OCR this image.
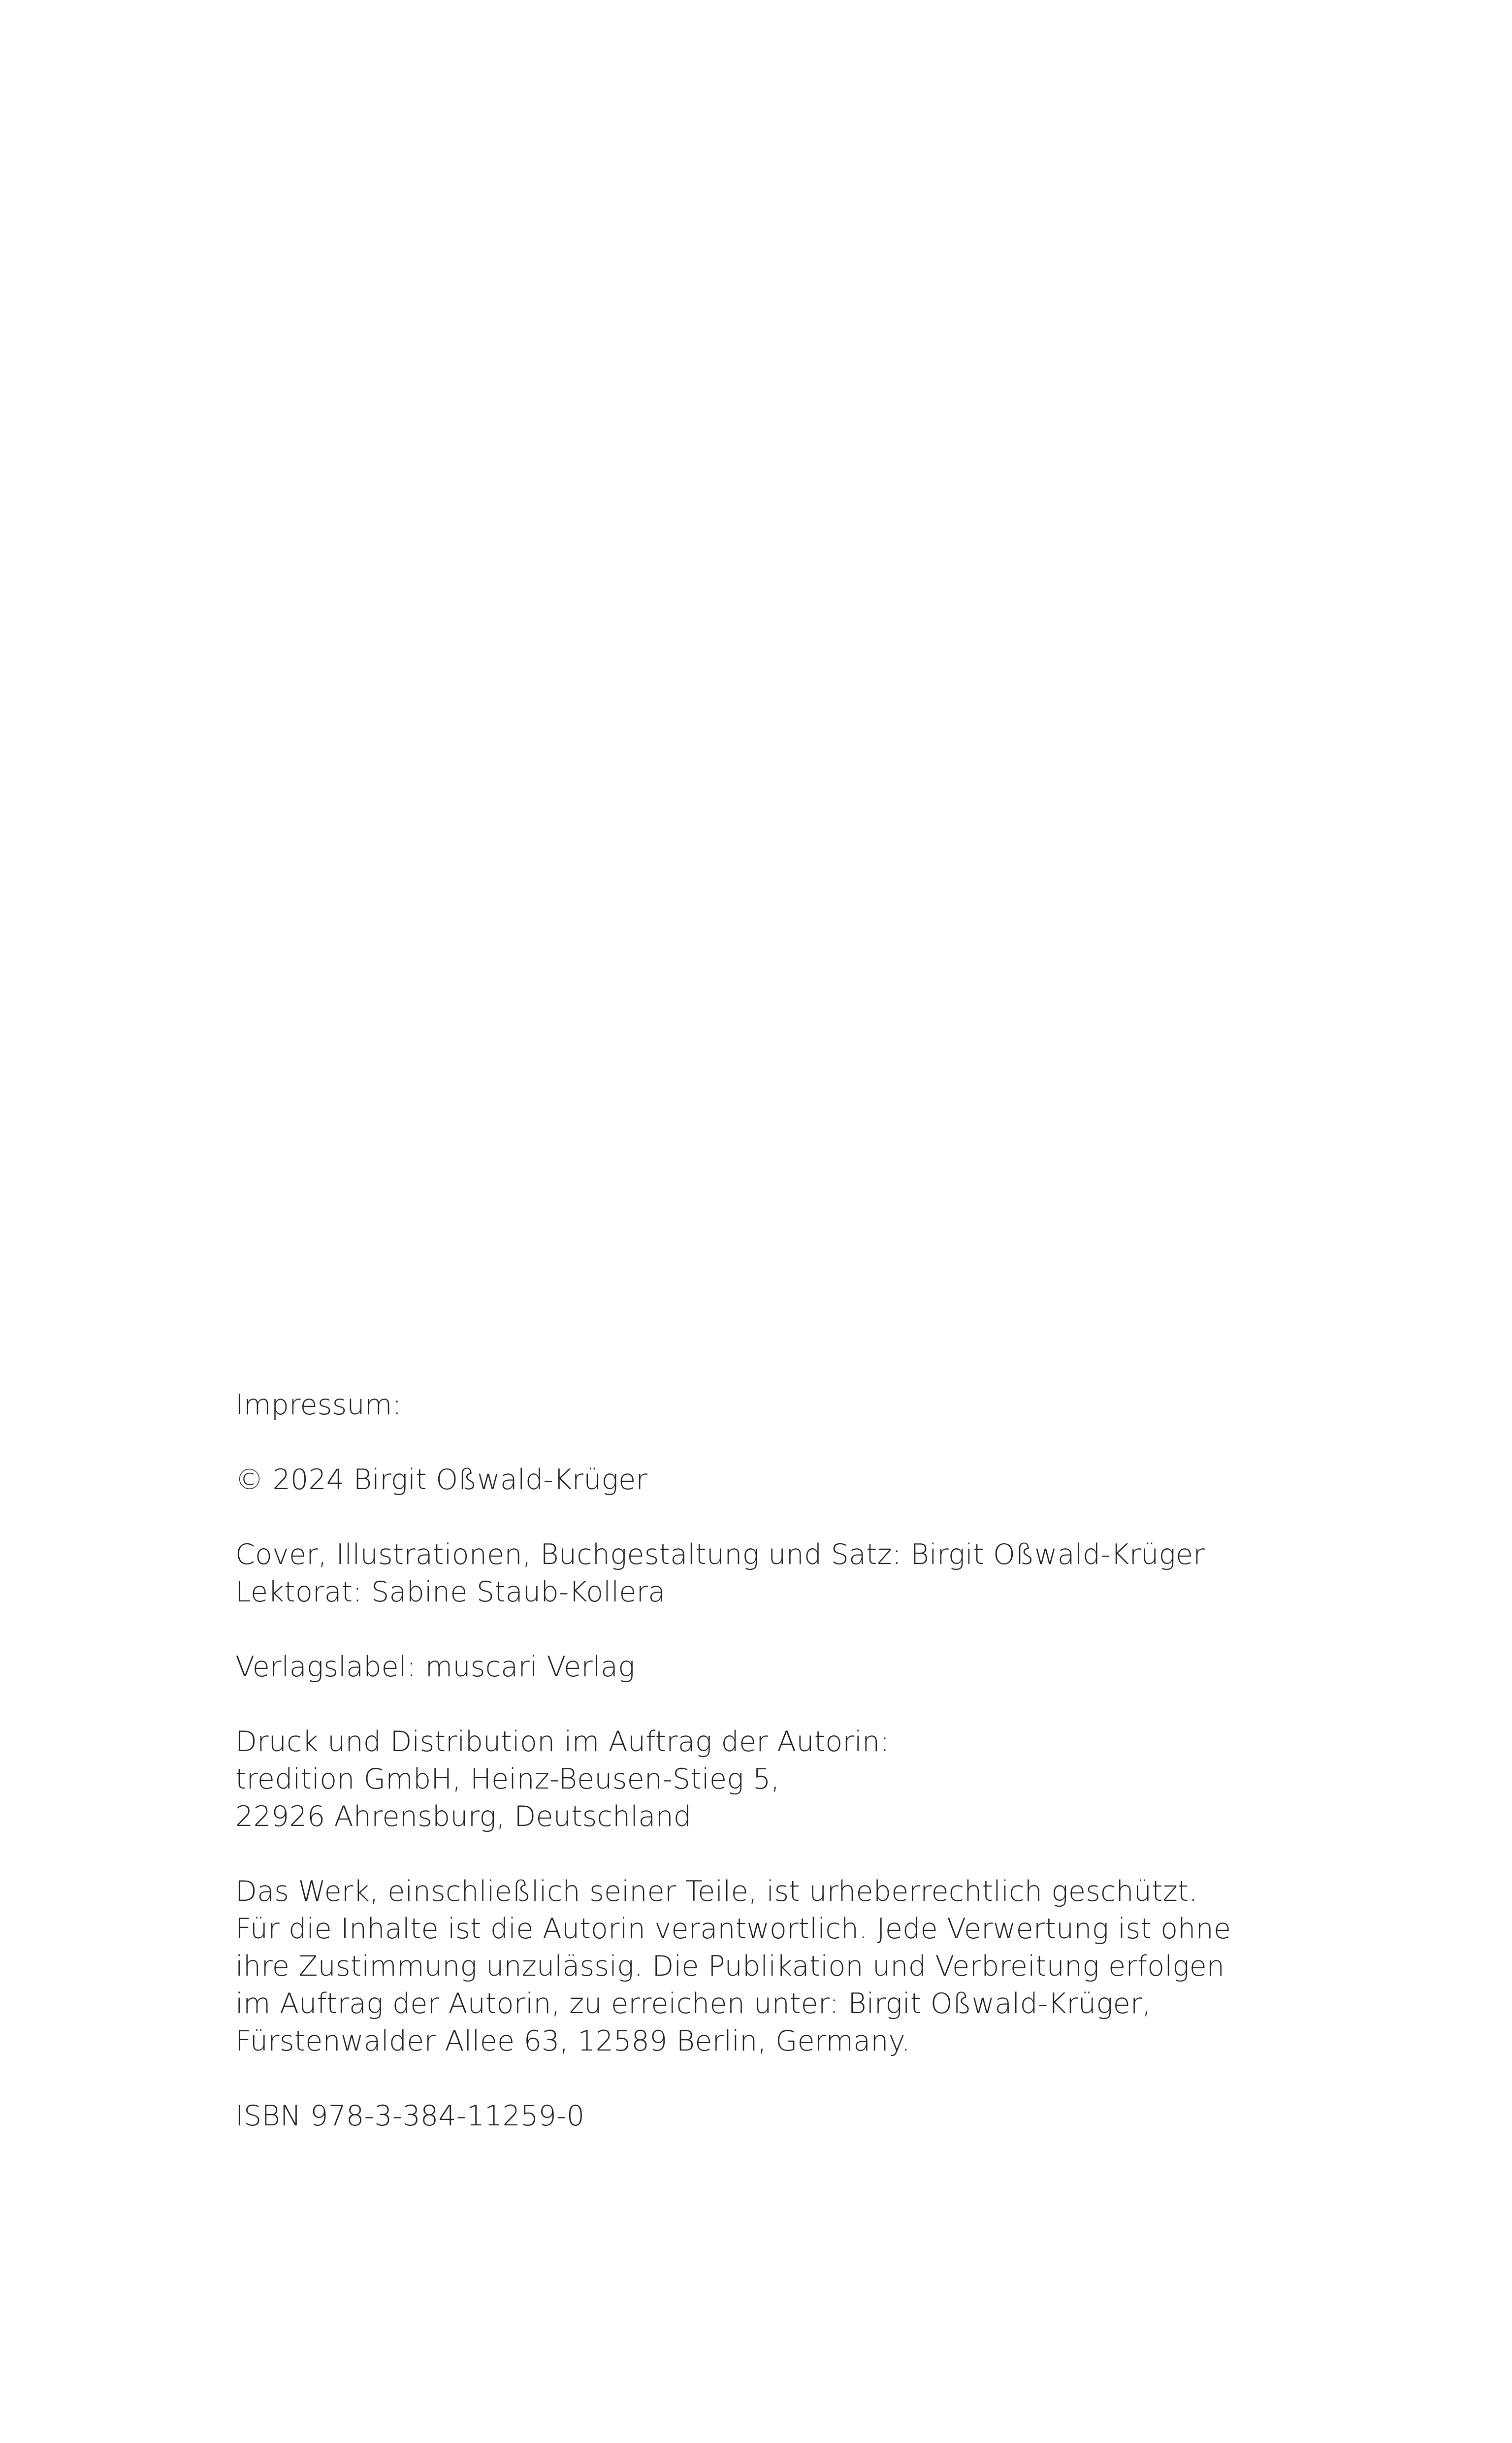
Impressum:
© 2024 Birgit Oßwald-Krüger
Cover, Illustrationen, Buchgestaltung und Satz: Birgit Oßwald-Krüger
Lektorat: Sabine Staub-Kollera
Verlagslabel: muscari Verlag
Druck und Distribution im Auftrag der Autorin:
tredition GmbH, Heinz-Beusen-Stieg 5,
22926 Ahrensburg, Deutschland
Das Werk, einschließlich seiner Teile, ist urheberrechtlich geschützt.
Für die Inhalte ist die Autorin verantwortlich. Jede Verwertung ist ohne
ihre Zustimmung unzulässig. Die Publikation und Verbreitung erfolgen
im Auftrag der Autorin, zu erreichen unter: Birgit Oßwald-Krüger,
Fürstenwalder Allee 63, 12589 Berlin, Germany.
ISBN 978-3-384-11259-0
